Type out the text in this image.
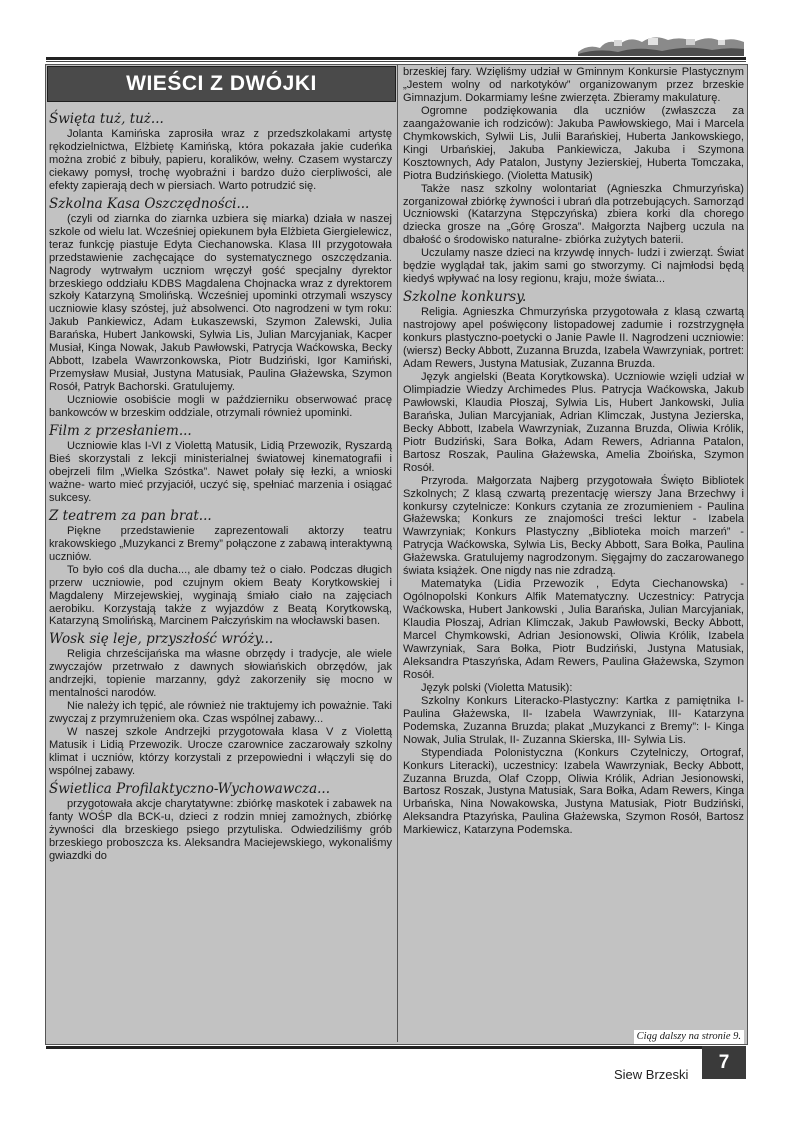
WIEŚCI Z DWÓJKI
Święta tuż, tuż...

Jolanta Kamińska zaprosiła wraz z przedszkolakami artystę rękodzielnictwa, Elżbietę Kamińską, która pokazała jakie cudeńka można zrobić z bibuły, papieru, koralików, wełny. Czasem wystarczy ciekawy pomysł, trochę wyobraźni i bardzo dużo cierpliwości, ale efekty zapierają dech w piersiach. Warto potrudzić się.

Szkolna Kasa Oszczędności...

(czyli od ziarnka do ziarnka uzbiera się miarka) działa w naszej szkole od wielu lat. Wcześniej opiekunem była Elżbieta Giergielewicz, teraz funkcję piastuje Edyta Ciechanowska. Klasa III przygotowała przedstawienie zachęcające do systematycznego oszczędzania. Nagrody wytrwałym uczniom wręczył gość specjalny dyrektor brzeskiego oddziału KDBS Magdalena Chojnacka wraz z dyrektorem szkoły Katarzyną Smolińską. Wcześniej upominki otrzymali wszyscy uczniowie klasy szóstej, już absolwenci. Oto nagrodzeni w tym roku: Jakub Pankiewicz, Adam Łukaszewski, Szymon Zalewski, Julia Barańska, Hubert Jankowski, Sylwia Lis, Julian Marcyjaniak, Kacper Musiał, Kinga Nowak, Jakub Pawłowski, Patrycja Waćkowska, Becky Abbott, Izabela Wawrzonkowska, Piotr Budziński, Igor Kamiński, Przemysław Musiał, Justyna Matusiak, Paulina Głażewska, Szymon Rosół, Patryk Bachorski. Gratulujemy.

Uczniowie osobiście mogli w październiku obserwować pracę bankowców w brzeskim oddziale, otrzymali również upominki.

Film z przesłaniem...

Uczniowie klas I-VI z Violettą Matusik, Lidią Przewozik, Ryszardą Bieś skorzystali z lekcji ministerialnej światowej kinematografii i obejrzeli film „Wielka Szóstka”. Nawet połały się łezki, a wnioski ważne- warto mieć przyjaciół, uczyć się, spełniać marzenia i osiągać sukcesy.

Z teatrem za pan brat...

Piękne przedstawienie zaprezentowali aktorzy teatru krakowskiego „Muzykanci z Bremy” połączone z zabawą interaktywną uczniów.

To było coś dla ducha..., ale dbamy też o ciało. Podczas długich przerw uczniowie, pod czujnym okiem Beaty Korytkowskiej i Magdaleny Mirzejewskiej, wyginają śmiało ciało na zajęciach aerobiku. Korzystają także z wyjazdów z Beatą Korytkowską, Katarzyną Smolińską, Marcinem Pałczyńskim na włocławski basen.

Wosk się leje, przyszłość wróży...

Religia chrześcijańska ma własne obrzędy i tradycje, ale wiele zwyczajów przetrwało z dawnych słowiańskich obrzędów, jak andrzejki, topienie marzanny, gdyż zakorzeniły się mocno w mentalności narodów.

Nie należy ich tępić, ale również nie traktujemy ich poważnie. Taki zwyczaj z przymrużeniem oka. Czas wspólnej zabawy...

W naszej szkole Andrzejki przygotowała klasa V z Violettą Matusik i Lidią Przewozik. Urocze czarownice zaczarowały szkolny klimat i uczniów, którzy korzystali z przepowiedni i włączyli się do wspólnej zabawy.

Świetlica Profilaktyczno-Wychowawcza...

przygotowała akcje charytatywne: zbiórkę maskotek i zabawek na fanty WOŚP dla BCK-u, dzieci z rodzin mniej zamożnych, zbiórkę żywności dla brzeskiego psiego przytuliska. Odwiedziliśmy grób brzeskiego proboszcza ks. Aleksandra Maciejewskiego, wykonaliśmy gwiazdki do

brzeskiej fary. Wzięliśmy udział w Gminnym Konkursie Plastycznym „Jestem wolny od narkotyków” organizowanym przez brzeskie Gimnazjum. Dokarmiamy leśne zwierzęta. Zbieramy makulaturę.

Ogromne podziękowania dla uczniów (zwłaszcza za zaangażowanie ich rodziców): Jakuba Pawłowskiego, Mai i Marcela Chymkowskich, Sylwii Lis, Julii Barańskiej, Huberta Jankowskiego, Kingi Urbańskiej, Jakuba Pankiewicza, Jakuba i Szymona Kosztownych, Ady Patalon, Justyny Jezierskiej, Huberta Tomczaka, Piotra Budzińskiego. (Violetta Matusik)

Także nasz szkolny wolontariat (Agnieszka Chmurzyńska) zorganizował zbiórkę żywności i ubrań dla potrzebujących. Samorząd Uczniowski (Katarzyna Stępczyńska) zbiera korki dla chorego dziecka grosze na „Górę Grosza”. Małgorzta Najberg uczula na dbałość o środowisko naturalne- zbiórka zużytych baterii.

Uczulamy nasze dzieci na krzywdę innych- ludzi i zwierząt. Świat będzie wyglądał tak, jakim sami go stworzymy. Ci najmłodsi będą kiedyś wpływać na losy regionu, kraju, może świata...

Szkolne konkursy.

Religia. Agnieszka Chmurzyńska przygotowała z klasą czwartą nastrojowy apel poświęcony listopadowej zadumie i rozstrzygnęła konkurs plastyczno-poetycki o Janie Pawle II. Nagrodzeni uczniowie: (wiersz) Becky Abbott, Zuzanna Bruzda, Izabela Wawrzyniak, portret: Adam Rewers, Justyna Matusiak, Zuzanna Bruzda.

Język angielski (Beata Korytkowska). Uczniowie wzięli udział w Olimpiadzie Wiedzy Archimedes Plus. Patrycja Waćkowska, Jakub Pawłowski, Klaudia Płoszaj, Sylwia Lis, Hubert Jankowski, Julia Barańska, Julian Marcyjaniak, Adrian Klimczak, Justyna Jezierska, Becky Abbott, Izabela Wawrzyniak, Zuzanna Bruzda, Oliwia Królik, Piotr Budziński, Sara Bołka, Adam Rewers, Adrianna Patalon, Bartosz Roszak, Paulina Głażewska, Amelia Zboińska, Szymon Rosół.

Przyroda. Małgorzata Najberg przygotowała Święto Bibliotek Szkolnych; Z klasą czwartą prezentację wierszy Jana Brzechwy i konkursy czytelnicze: Konkurs czytania ze zrozumieniem - Paulina Głażewska; Konkurs ze znajomości treści lektur - Izabela Wawrzyniak; Konkurs Plastyczny „Biblioteka moich marzeń” - Patrycja Waćkowska, Sylwia Lis, Becky Abbott, Sara Bołka, Paulina Głażewska. Gratulujemy nagrodzonym. Sięgajmy do zaczarowanego świata książek. One nigdy nas nie zdradzą.

Matematyka (Lidia Przewozik , Edyta Ciechanowska) - Ogólnopolski Konkurs Alfik Matematyczny. Uczestnicy: Patrycja Waćkowska, Hubert Jankowski , Julia Barańska, Julian Marcyjaniak, Klaudia Płoszaj, Adrian Klimczak, Jakub Pawłowski, Becky Abbott, Marcel Chymkowski, Adrian Jesionowski, Oliwia Królik, Izabela Wawrzyniak, Sara Bołka, Piotr Budziński, Justyna Matusiak, Aleksandra Ptaszyńska, Adam Rewers, Paulina Głażewska, Szymon Rosół.

Język polski (Violetta Matusik):

Szkolny Konkurs Literacko-Plastyczny: Kartka z pamiętnika I- Paulina Głażewska, II- Izabela Wawrzyniak, III- Katarzyna Podemska, Zuzanna Bruzda; plakat „Muzykanci z Bremy”: I- Kinga Nowak, Julia Strulak, II- Zuzanna Skierska, III- Sylwia Lis.

Stypendiada Polonistyczna (Konkurs Czytelniczy, Ortograf, Konkurs Literacki), uczestnicy: Izabela Wawrzyniak, Becky Abbott, Zuzanna Bruzda, Olaf Czopp, Oliwia Królik, Adrian Jesionowski, Bartosz Roszak, Justyna Matusiak, Sara Bołka, Adam Rewers, Kinga Urbańska, Nina Nowakowska, Justyna Matusiak, Piotr Budziński, Aleksandra Ptazyńska, Paulina Głażewska, Szymon Rosół, Bartosz Markiewicz, Katarzyna Podemska.

Ciąg dalszy na stronie 9.
Siew Brzeski
7
